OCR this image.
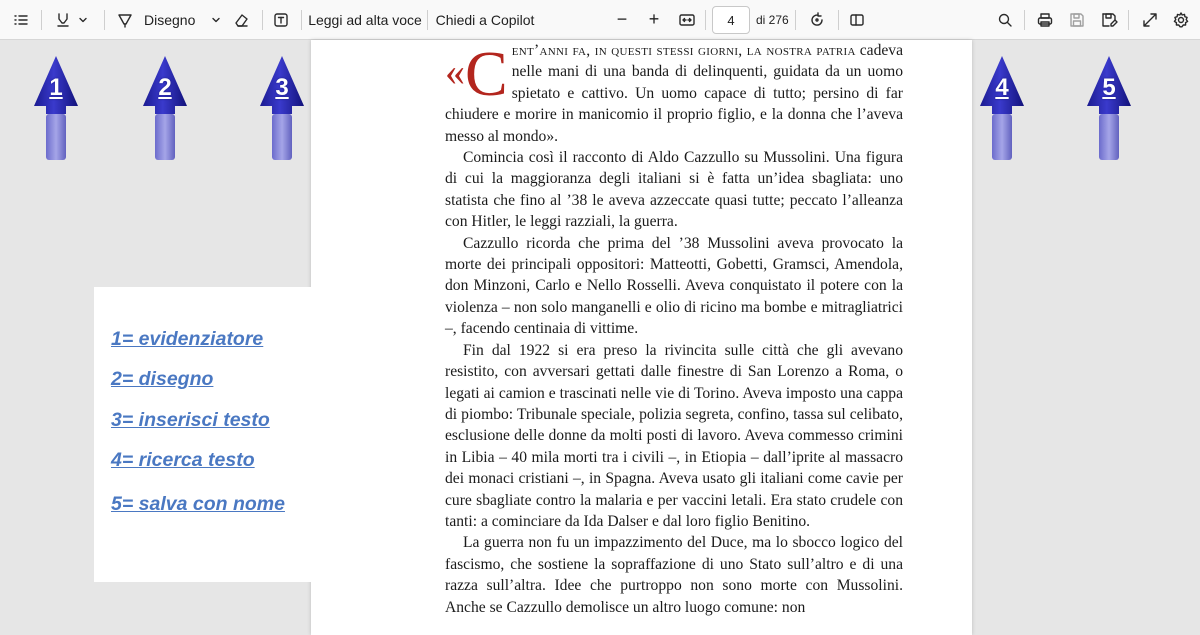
Disegno	Leggi ad alta voce Chiedi a Copilot	−	+
4	di 276

«C ent’anni fa, in questi stessi giorni, la nostra patria cadeva nelle mani di una banda di delinquenti, guidata da un uomo spietato e cattivo. Un uomo capace di tutto; persino di far chiudere e morire in manicomio il proprio figlio, e la donna che l’aveva messo al mondo».

Comincia così il racconto di Aldo Cazzullo su Mussolini. Una figura di cui la maggioranza degli italiani si è fatta un’idea sbagliata: uno statista che fino al ’38 le aveva azzeccate quasi tutte; peccato l’alleanza con Hitler, le leggi razziali, la guerra.

Cazzullo ricorda che prima del ’38 Mussolini aveva provocato la morte dei principali oppositori: Matteotti, Gobetti, Gramsci, Amendola, don Minzoni, Carlo e Nello Rosselli. Aveva conquistato il potere con la violenza – non solo manganelli e olio di ricino ma bombe e mitragliatrici –, facendo centinaia di vittime.

Fin dal 1922 si era preso la rivincita sulle città che gli avevano resistito, con avversari gettati dalle finestre di San Lorenzo a Roma, o legati ai camion e trascinati nelle vie di Torino. Aveva imposto una cappa di piombo: Tribunale speciale, polizia segreta, confino, tassa sul celibato, esclusione delle donne da molti posti di lavoro. Aveva commesso crimini in Libia – 40 mila morti tra i civili –, in Etiopia – dall’iprite al massacro dei monaci cristiani –, in Spagna. Aveva usato gli italiani come cavie per cure sbagliate contro la malaria e per vaccini letali. Era stato crudele con tanti: a cominciare da Ida Dalser e dal loro figlio Benitino.

La guerra non fu un impazzimento del Duce, ma lo sbocco logico del fascismo, che sostiene la sopraffazione di uno Stato sull’altro e di una razza sull’altra. Idee che purtroppo non sono morte con Mussolini. Anche se Cazzullo demolisce un altro luogo comune: non

1	2	3	4	5
1= evidenziatore
2= disegno
3= inserisci testo
4= ricerca testo
5= salva con nome
